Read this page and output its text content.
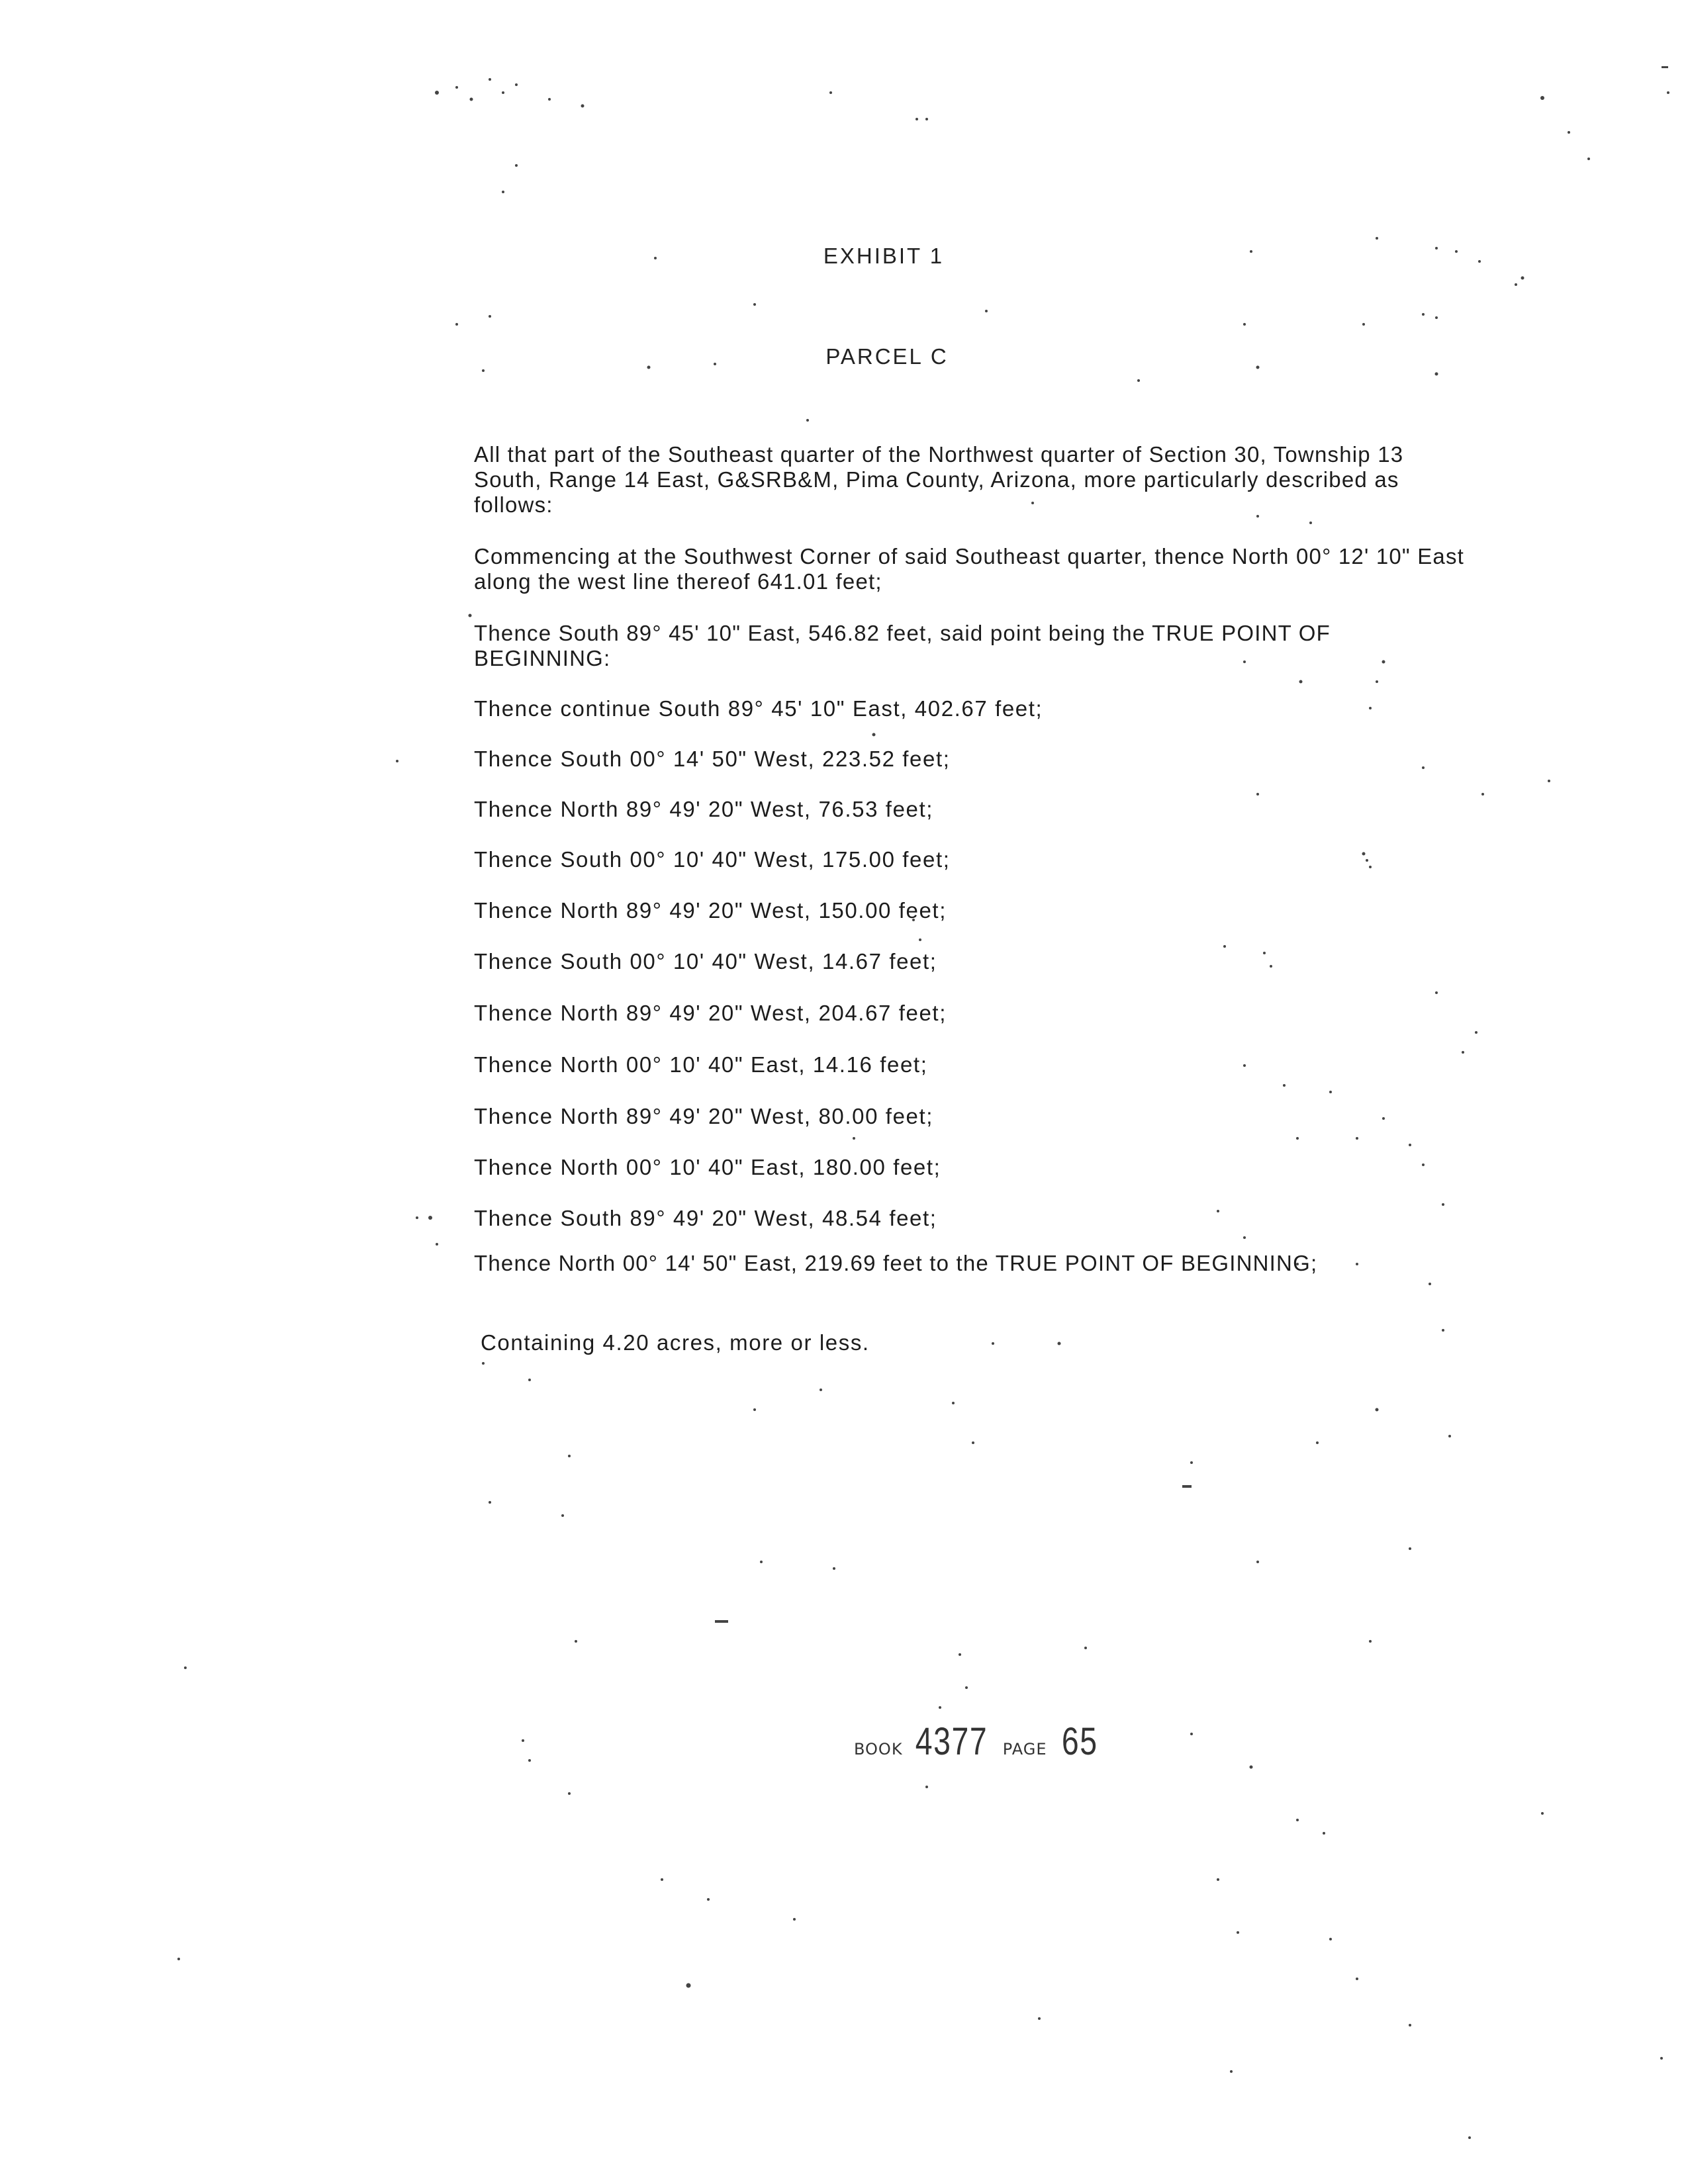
EXHIBIT 1
PARCEL C
All that part of the Southeast quarter of the Northwest quarter of Section 30, Township 13 South, Range 14 East, G&SRB&M, Pima County, Arizona, more particularly described as follows:
Commencing at the Southwest Corner of said Southeast quarter, thence North 00° 12' 10" East along the west line thereof 641.01 feet;
Thence South 89° 45' 10" East, 546.82 feet, said point being the TRUE POINT OF BEGINNING:
Thence continue South 89° 45' 10" East, 402.67 feet;
Thence South 00° 14' 50" West, 223.52 feet;
Thence North 89° 49' 20" West, 76.53 feet;
Thence South 00° 10' 40" West, 175.00 feet;
Thence North 89° 49' 20" West, 150.00 feet;
Thence South 00° 10' 40" West, 14.67 feet;
Thence North 89° 49' 20" West, 204.67 feet;
Thence North 00° 10' 40" East, 14.16 feet;
Thence North 89° 49' 20" West, 80.00 feet;
Thence North 00° 10' 40" East, 180.00 feet;
Thence South 89° 49' 20" West, 48.54 feet;
Thence North 00° 14' 50" East, 219.69 feet to the TRUE POINT OF BEGINNING;
Containing 4.20 acres, more or less.
BOOK 4377 PAGE 65
